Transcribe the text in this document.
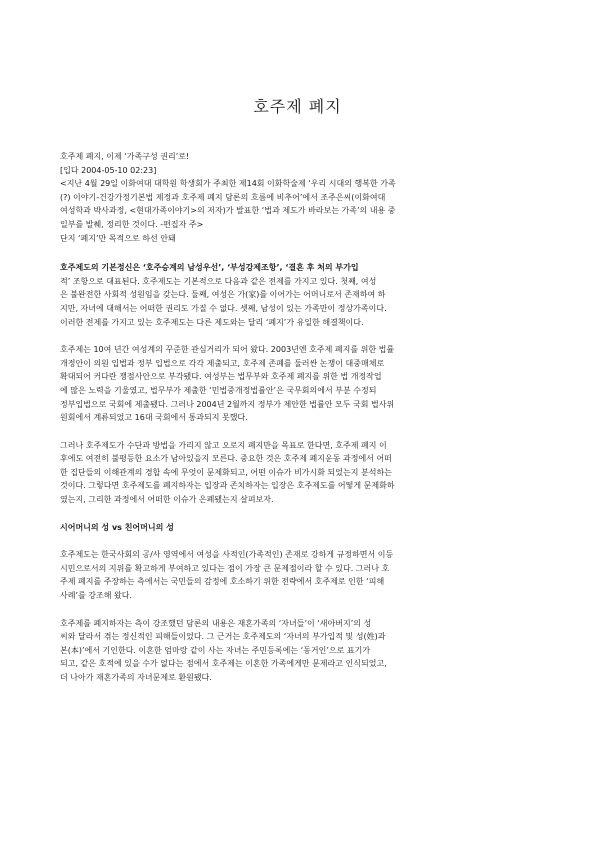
호주제 폐지

호주제 폐지, 이제 ‘가족구성 권리’로!

[입다 2004-05-10 02:23]

<지난 4월 29일 이화여대 대학원 학생회가 주최한 제14회 이화학술제 ‘우리 시대의 행복한 가족

(?) 이야기-건강가정기본법 제정과 호주제 폐지 담론의 흐름에 비추어’에서 조주은씨(이화여대

여성학과 박사과정, <현대가족이야기>의 저자)가 발표한 ‘법과 제도가 바라보는 가족’의 내용 중

일부를 발췌, 정리한 것이다. -편집자 주>

단지 ‘폐지’만 목적으로 하선 안돼

호주제도의 기본정신은 ‘호주승계의 남성우선’, ‘부성강제조항’, ‘결혼 후 처의 부가입

적’ 조항으로 대표된다. 호주제도는 기본적으로 다음과 같은 전제를 가지고 있다. 첫째, 여성

은 불완전한 사회적 성원임을 갖는다. 둘째, 여성은 가(家)를 이어가는 어머니로서 존재하여 하

지만, 자녀에 대해서는 어떠한 권리도 가질 수 없다. 셋째, 남성이 있는 가족만이 정상가족이다.

이러한 전제를 가지고 있는 호주제도는 다른 제도와는 달리 ‘폐지’가 유일한 해결책이다.

호주제는 10여 년간 여성계의 꾸준한 관심거리가 되어 왔다. 2003년엔 호주제 폐지를 위한 법률

개정안이 의원 입법과 정부 입법으로 각각 제출되고, 호주제 존폐를 둘러싼 논쟁이 대중매체로

확대되어 커다란 쟁점사안으로 부각됐다. 여성부는 법무부와 호주제 폐지를 위한 법 개정작업

에 많은 노력을 기울였고, 법무부가 제출한 ‘민법중개정법률안’은 국무회의에서 부분 수정되

정부입법으로 국회에 제출됐다. 그러나 2004년 2월까지 정부가 제안한 법률안 모두 국회 법사위

원회에서 계류되었고 16대 국회에서 통과되지 못했다.

그러나 호주제도가 수단과 방법을 가리지 않고 오로지 폐지만을 목표로 한다면, 호주제 폐지 이

후에도 여전히 불평등한 요소가 남아있을지 모른다. 중요한 것은 호주제 폐지운동 과정에서 어떠

한 집단들의 이해관계의 경합 속에 무엇이 문제화되고, 어떤 이슈가 비가시화 되었는지 분석하는

것이다. 그렇다면 호주제도를 폐지하자는 입장과 존치하자는 입장은 호주제도를 어떻게 문제화하

였는지, 그리한 과정에서 어떠한 이슈가 은폐됐는지 살펴보자.

시어머니의 성 vs 친어머니의 성

호주제도는 한국사회의 공/사 영역에서 여성을 사적인(가족적인) 존재로 강하게 규정하면서 이등

시민으로서의 지위를 확고하게 부여하고 있다는 점이 가장 큰 문제점이라 할 수 있다. 그러나 호

주제 폐지를 주장하는 측에서는 국민들의 감정에 호소하기 위한 전략에서 호주제로 인한 ‘피해

사례’를 강조해 왔다.

호주제를 폐지하자는 측이 강조했던 담론의 내용은 재혼가족의 ‘자녀들’이 ‘새아버지’의 성

씨와 달라서 겪는 정신적인 피해들이었다. 그 근거는 호주제도의 ‘자녀의 부가입적 및 성(姓)과

본(本)’에서 기인한다. 이혼한 엄마랑 같이 사는 자녀는 주민등록에는 ‘동거인’으로 표기가

되고, 같은 호적에 있을 수가 없다는 점에서 호주제는 이혼한 가족에게만 문제라고 인식되었고,

더 나아가 재혼가족의 자녀문제로 환원됐다.
